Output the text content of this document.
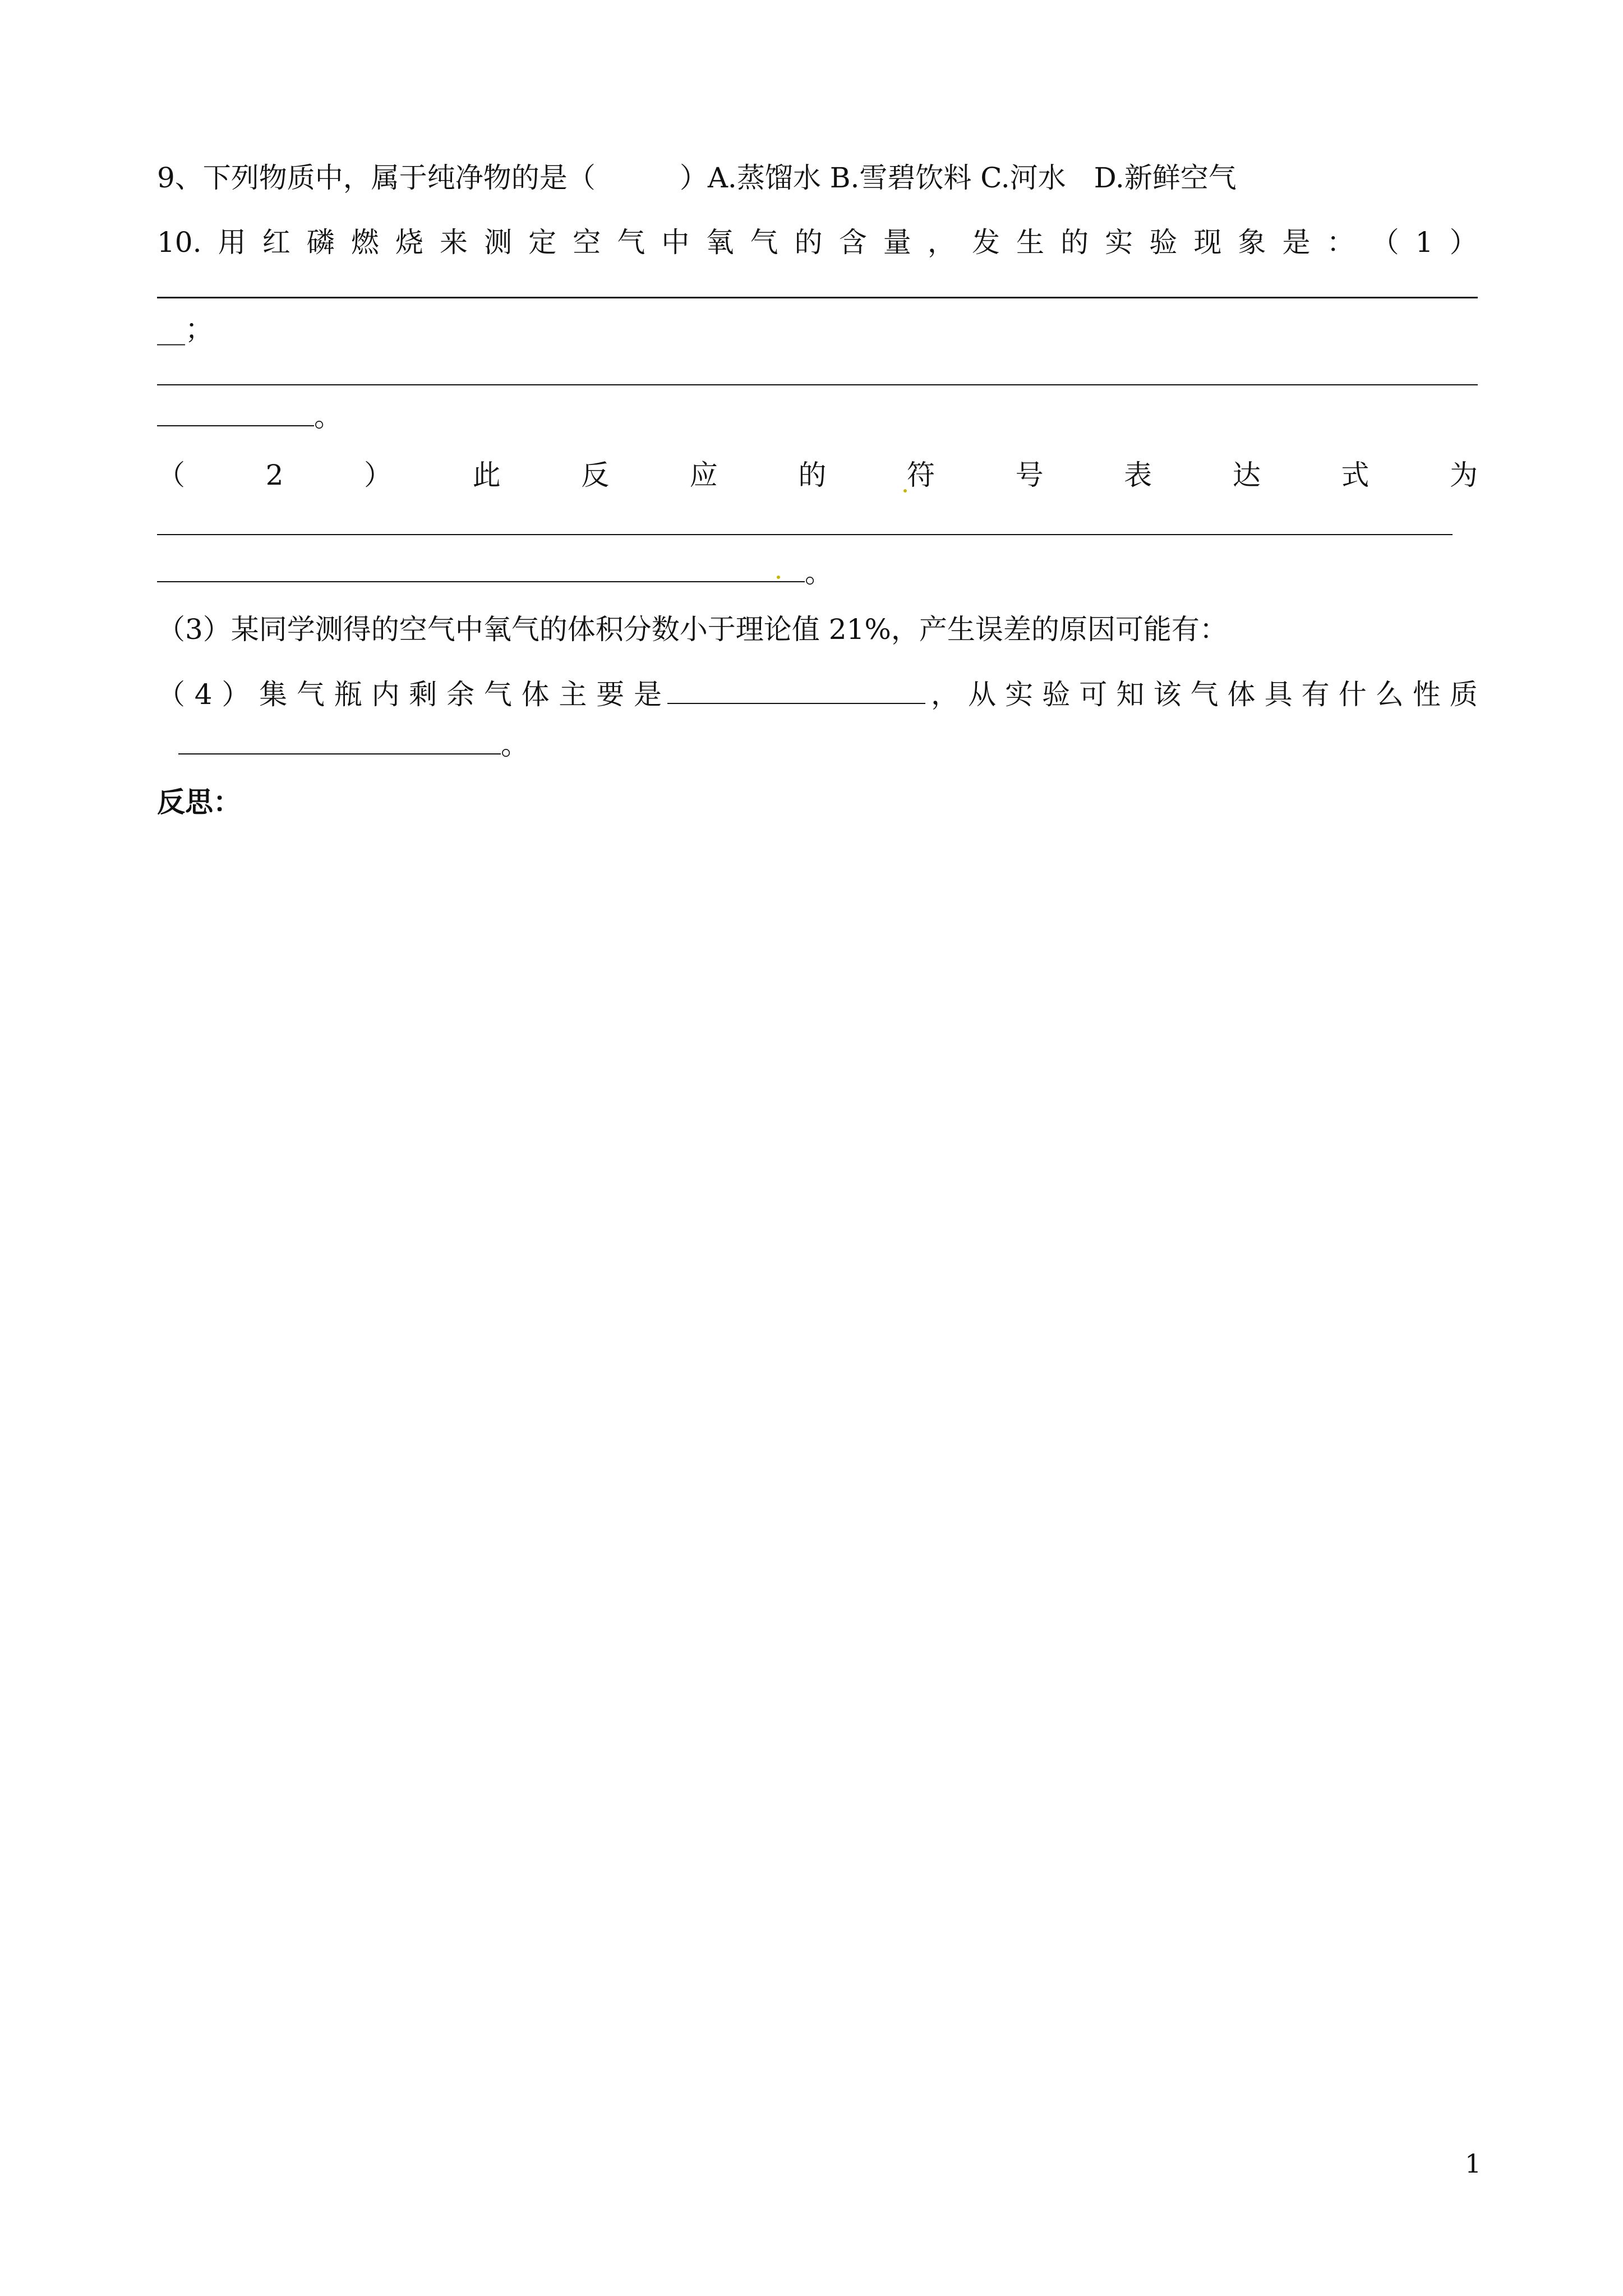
9、下列物质中，属于纯净物的是（	）A.蒸馏水 B.雪碧饮料 C.河水　D.新鲜空气
10. 用 红 磷 燃 烧 来 测 定 空 气 中 氧 气 的 含 量 ， 发 生 的 实 验 现 象 是 ： （ 1 ）
__；
。
（	2	）	此	反	应	的	符	号	表	达	式	为
。
（3）某同学测得的空气中氧气的体积分数小于理论值 21%，产生误差的原因可能有：
（ 4 ） 集 气 瓶 内 剩 余 气 体 主 要 是	， 从 实 验 可 知 该 气 体 具 有 什 么 性 质
。
反思：
1
